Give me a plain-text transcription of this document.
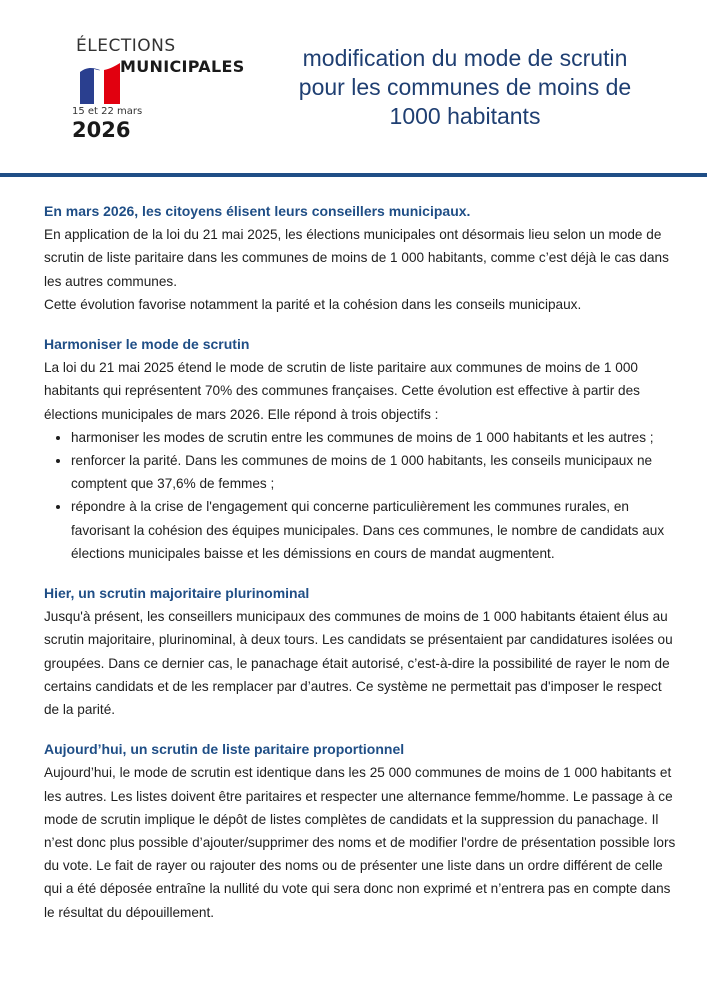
ÉLECTIONS
MUNICIPALES
15 et 22 mars
2026
modification du mode de scrutin pour les communes de moins de 1000 habitants
En mars 2026, les citoyens élisent leurs conseillers municipaux.

En application de la loi du 21 mai 2025, les élections municipales ont désormais lieu selon un mode de scrutin de liste paritaire dans les communes de moins de 1 000 habitants, comme c’est déjà le cas dans les autres communes.

Cette évolution favorise notamment la parité et la cohésion dans les conseils municipaux.

Harmoniser le mode de scrutin

La loi du 21 mai 2025 étend le mode de scrutin de liste paritaire aux communes de moins de 1 000 habitants qui représentent 70% des communes françaises. Cette évolution est effective à partir des élections municipales de mars 2026. Elle répond à trois objectifs :

• harmoniser les modes de scrutin entre les communes de moins de 1 000 habitants et les autres ;
• renforcer la parité. Dans les communes de moins de 1 000 habitants, les conseils municipaux ne comptent que 37,6% de femmes ;
• répondre à la crise de l'engagement qui concerne particulièrement les communes rurales, en favorisant la cohésion des équipes municipales. Dans ces communes, le nombre de candidats aux élections municipales baisse et les démissions en cours de mandat augmentent.
Hier, un scrutin majoritaire plurinominal

Jusqu'à présent, les conseillers municipaux des communes de moins de 1 000 habitants étaient élus au scrutin majoritaire, plurinominal, à deux tours. Les candidats se présentaient par candidatures isolées ou groupées. Dans ce dernier cas, le panachage était autorisé, c’est-à-dire la possibilité de rayer le nom de certains candidats et de les remplacer par d’autres. Ce système ne permettait pas d'imposer le respect de la parité.

Aujourd’hui, un scrutin de liste paritaire proportionnel

Aujourd’hui, le mode de scrutin est identique dans les 25 000 communes de moins de 1 000 habitants et les autres. Les listes doivent être paritaires et respecter une alternance femme/homme. Le passage à ce mode de scrutin implique le dépôt de listes complètes de candidats et la suppression du panachage. Il n’est donc plus possible d’ajouter/supprimer des noms et de modifier l'ordre de présentation possible lors du vote. Le fait de rayer ou rajouter des noms ou de présenter une liste dans un ordre différent de celle qui a été déposée entraîne la nullité du vote qui sera donc non exprimé et n’entrera pas en compte dans le résultat du dépouillement.
